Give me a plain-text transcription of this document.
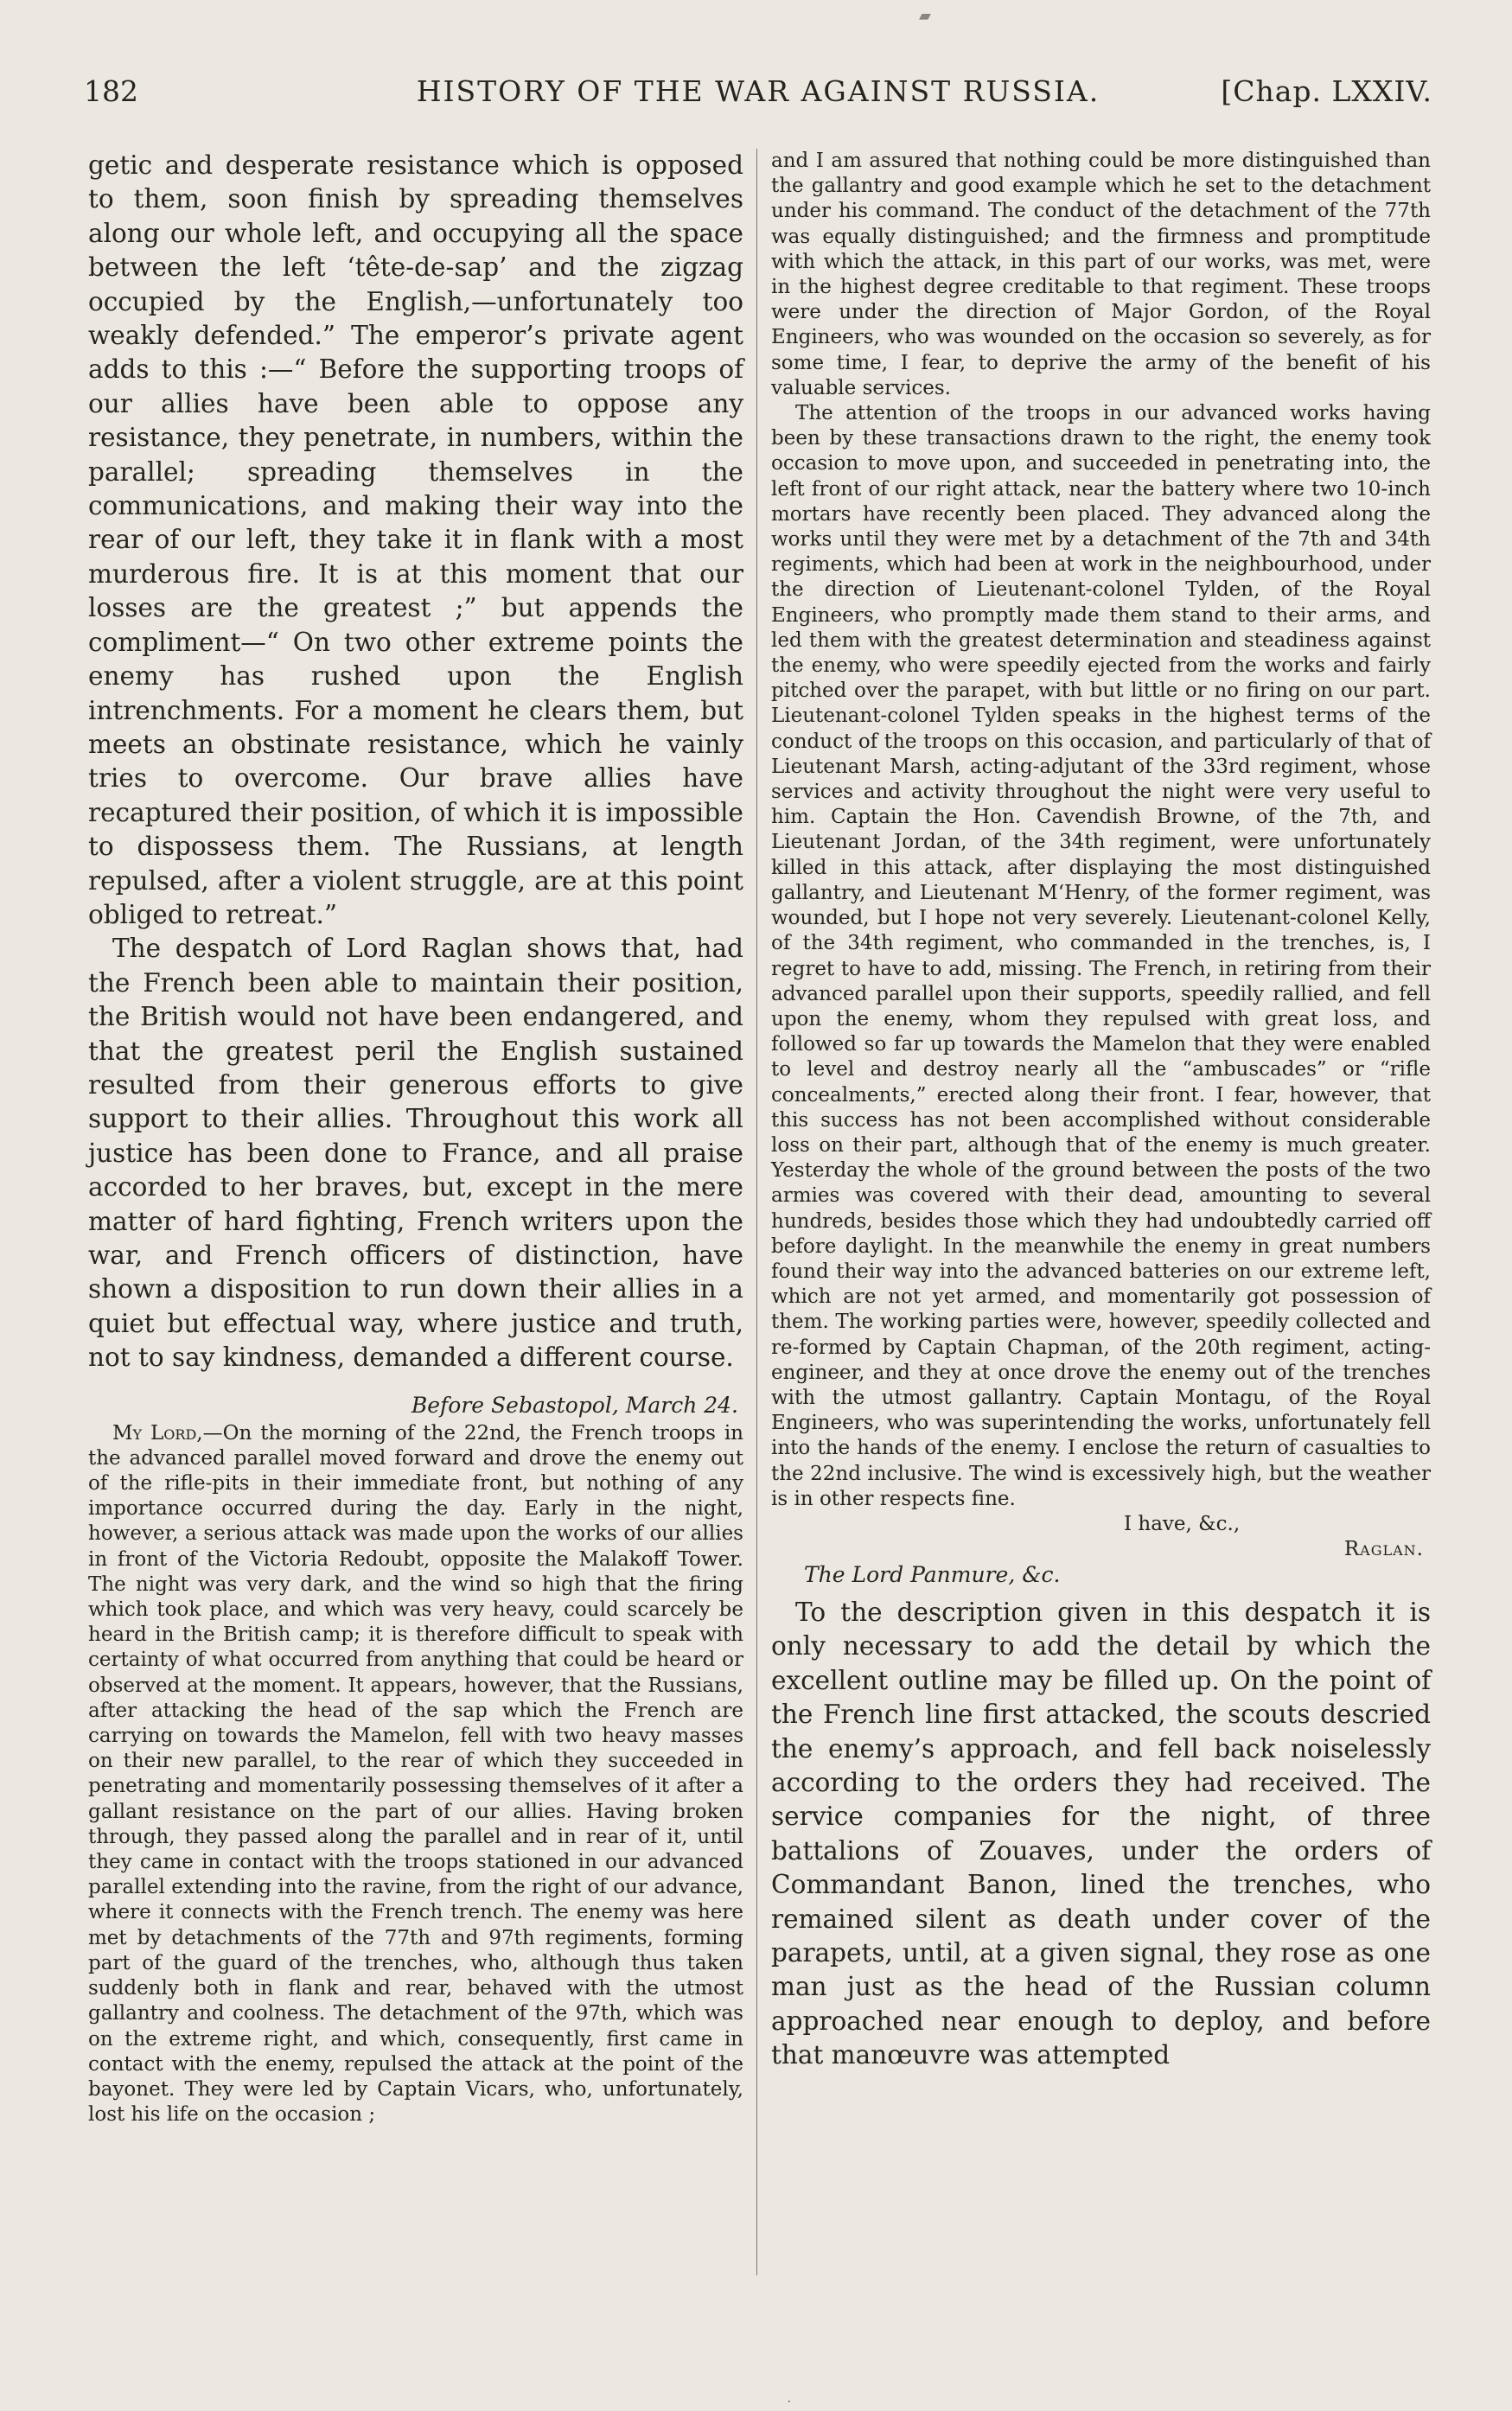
182	HISTORY OF THE WAR AGAINST RUSSIA.	[Chap. LXXIV.
▰

getic and desperate resistance which is opposed to them, soon finish by spreading themselves along our whole left, and occupying all the space between the left ‘tête-de-sap’ and the zigzag occupied by the English,—unfortunately too weakly defended.” The emperor’s private agent adds to this :—“ Before the supporting troops of our allies have been able to oppose any resistance, they penetrate, in numbers, within the parallel; spreading themselves in the communications, and making their way into the rear of our left, they take it in flank with a most murderous fire. It is at this moment that our losses are the greatest ;” but appends the compliment—“ On two other extreme points the enemy has rushed upon the English intrenchments. For a moment he clears them, but meets an obstinate resistance, which he vainly tries to overcome. Our brave allies have recaptured their position, of which it is impossible to dispossess them. The Russians, at length repulsed, after a violent struggle, are at this point obliged to retreat.”

The despatch of Lord Raglan shows that, had the French been able to maintain their position, the British would not have been endangered, and that the greatest peril the English sustained resulted from their generous efforts to give support to their allies. Throughout this work all justice has been done to France, and all praise accorded to her braves, but, except in the mere matter of hard fighting, French writers upon the war, and French officers of distinction, have shown a disposition to run down their allies in a quiet but effectual way, where justice and truth, not to say kindness, demanded a different course.

Before Sebastopol, March 24.

My Lord,—On the morning of the 22nd, the French troops in the advanced parallel moved forward and drove the enemy out of the rifle-pits in their immediate front, but nothing of any importance occurred during the day. Early in the night, however, a serious attack was made upon the works of our allies in front of the Victoria Redoubt, opposite the Malakoff Tower. The night was very dark, and the wind so high that the firing which took place, and which was very heavy, could scarcely be heard in the British camp; it is therefore difficult to speak with certainty of what occurred from anything that could be heard or observed at the moment. It appears, however, that the Russians, after attacking the head of the sap which the French are carrying on towards the Mamelon, fell with two heavy masses on their new parallel, to the rear of which they succeeded in penetrating and momentarily possessing themselves of it after a gallant resistance on the part of our allies. Having broken through, they passed along the parallel and in rear of it, until they came in contact with the troops stationed in our advanced parallel extending into the ravine, from the right of our advance, where it connects with the French trench. The enemy was here met by detachments of the 77th and 97th regiments, forming part of the guard of the trenches, who, although thus taken suddenly both in flank and rear, behaved with the utmost gallantry and coolness. The detachment of the 97th, which was on the extreme right, and which, consequently, first came in contact with the enemy, repulsed the attack at the point of the bayonet. They were led by Captain Vicars, who, unfortunately, lost his life on the occasion ;

and I am assured that nothing could be more distinguished than the gallantry and good example which he set to the detachment under his command. The conduct of the detachment of the 77th was equally distinguished; and the firmness and promptitude with which the attack, in this part of our works, was met, were in the highest degree creditable to that regiment. These troops were under the direction of Major Gordon, of the Royal Engineers, who was wounded on the occasion so severely, as for some time, I fear, to deprive the army of the benefit of his valuable services.

The attention of the troops in our advanced works having been by these transactions drawn to the right, the enemy took occasion to move upon, and succeeded in penetrating into, the left front of our right attack, near the battery where two 10-inch mortars have recently been placed. They advanced along the works until they were met by a detachment of the 7th and 34th regiments, which had been at work in the neighbourhood, under the direction of Lieutenant-colonel Tylden, of the Royal Engineers, who promptly made them stand to their arms, and led them with the greatest determination and steadiness against the enemy, who were speedily ejected from the works and fairly pitched over the parapet, with but little or no firing on our part. Lieutenant-colonel Tylden speaks in the highest terms of the conduct of the troops on this occasion, and particularly of that of Lieutenant Marsh, acting-adjutant of the 33rd regiment, whose services and activity throughout the night were very useful to him. Captain the Hon. Cavendish Browne, of the 7th, and Lieutenant Jordan, of the 34th regiment, were unfortunately killed in this attack, after displaying the most distinguished gallantry, and Lieutenant M‘Henry, of the former regiment, was wounded, but I hope not very severely. Lieutenant-colonel Kelly, of the 34th regiment, who commanded in the trenches, is, I regret to have to add, missing. The French, in retiring from their advanced parallel upon their supports, speedily rallied, and fell upon the enemy, whom they repulsed with great loss, and followed so far up towards the Mamelon that they were enabled to level and destroy nearly all the “ambuscades” or “rifle concealments,” erected along their front. I fear, however, that this success has not been accomplished without considerable loss on their part, although that of the enemy is much greater. Yesterday the whole of the ground between the posts of the two armies was covered with their dead, amounting to several hundreds, besides those which they had undoubtedly carried off before daylight. In the meanwhile the enemy in great numbers found their way into the advanced batteries on our extreme left, which are not yet armed, and momentarily got possession of them. The working parties were, however, speedily collected and re-formed by Captain Chapman, of the 20th regiment, acting-engineer, and they at once drove the enemy out of the trenches with the utmost gallantry. Captain Montagu, of the Royal Engineers, who was superintending the works, unfortunately fell into the hands of the enemy. I enclose the return of casualties to the 22nd inclusive. The wind is excessively high, but the weather is in other respects fine.

I have, &c.,
Raglan.
The Lord Panmure, &c.

To the description given in this despatch it is only necessary to add the detail by which the excellent outline may be filled up. On the point of the French line first attacked, the scouts descried the enemy’s approach, and fell back noiselessly according to the orders they had received. The service companies for the night, of three battalions of Zouaves, under the orders of Commandant Banon, lined the trenches, who remained silent as death under cover of the parapets, until, at a given signal, they rose as one man just as the head of the Russian column approached near enough to deploy, and before that manœuvre was attempted

·
